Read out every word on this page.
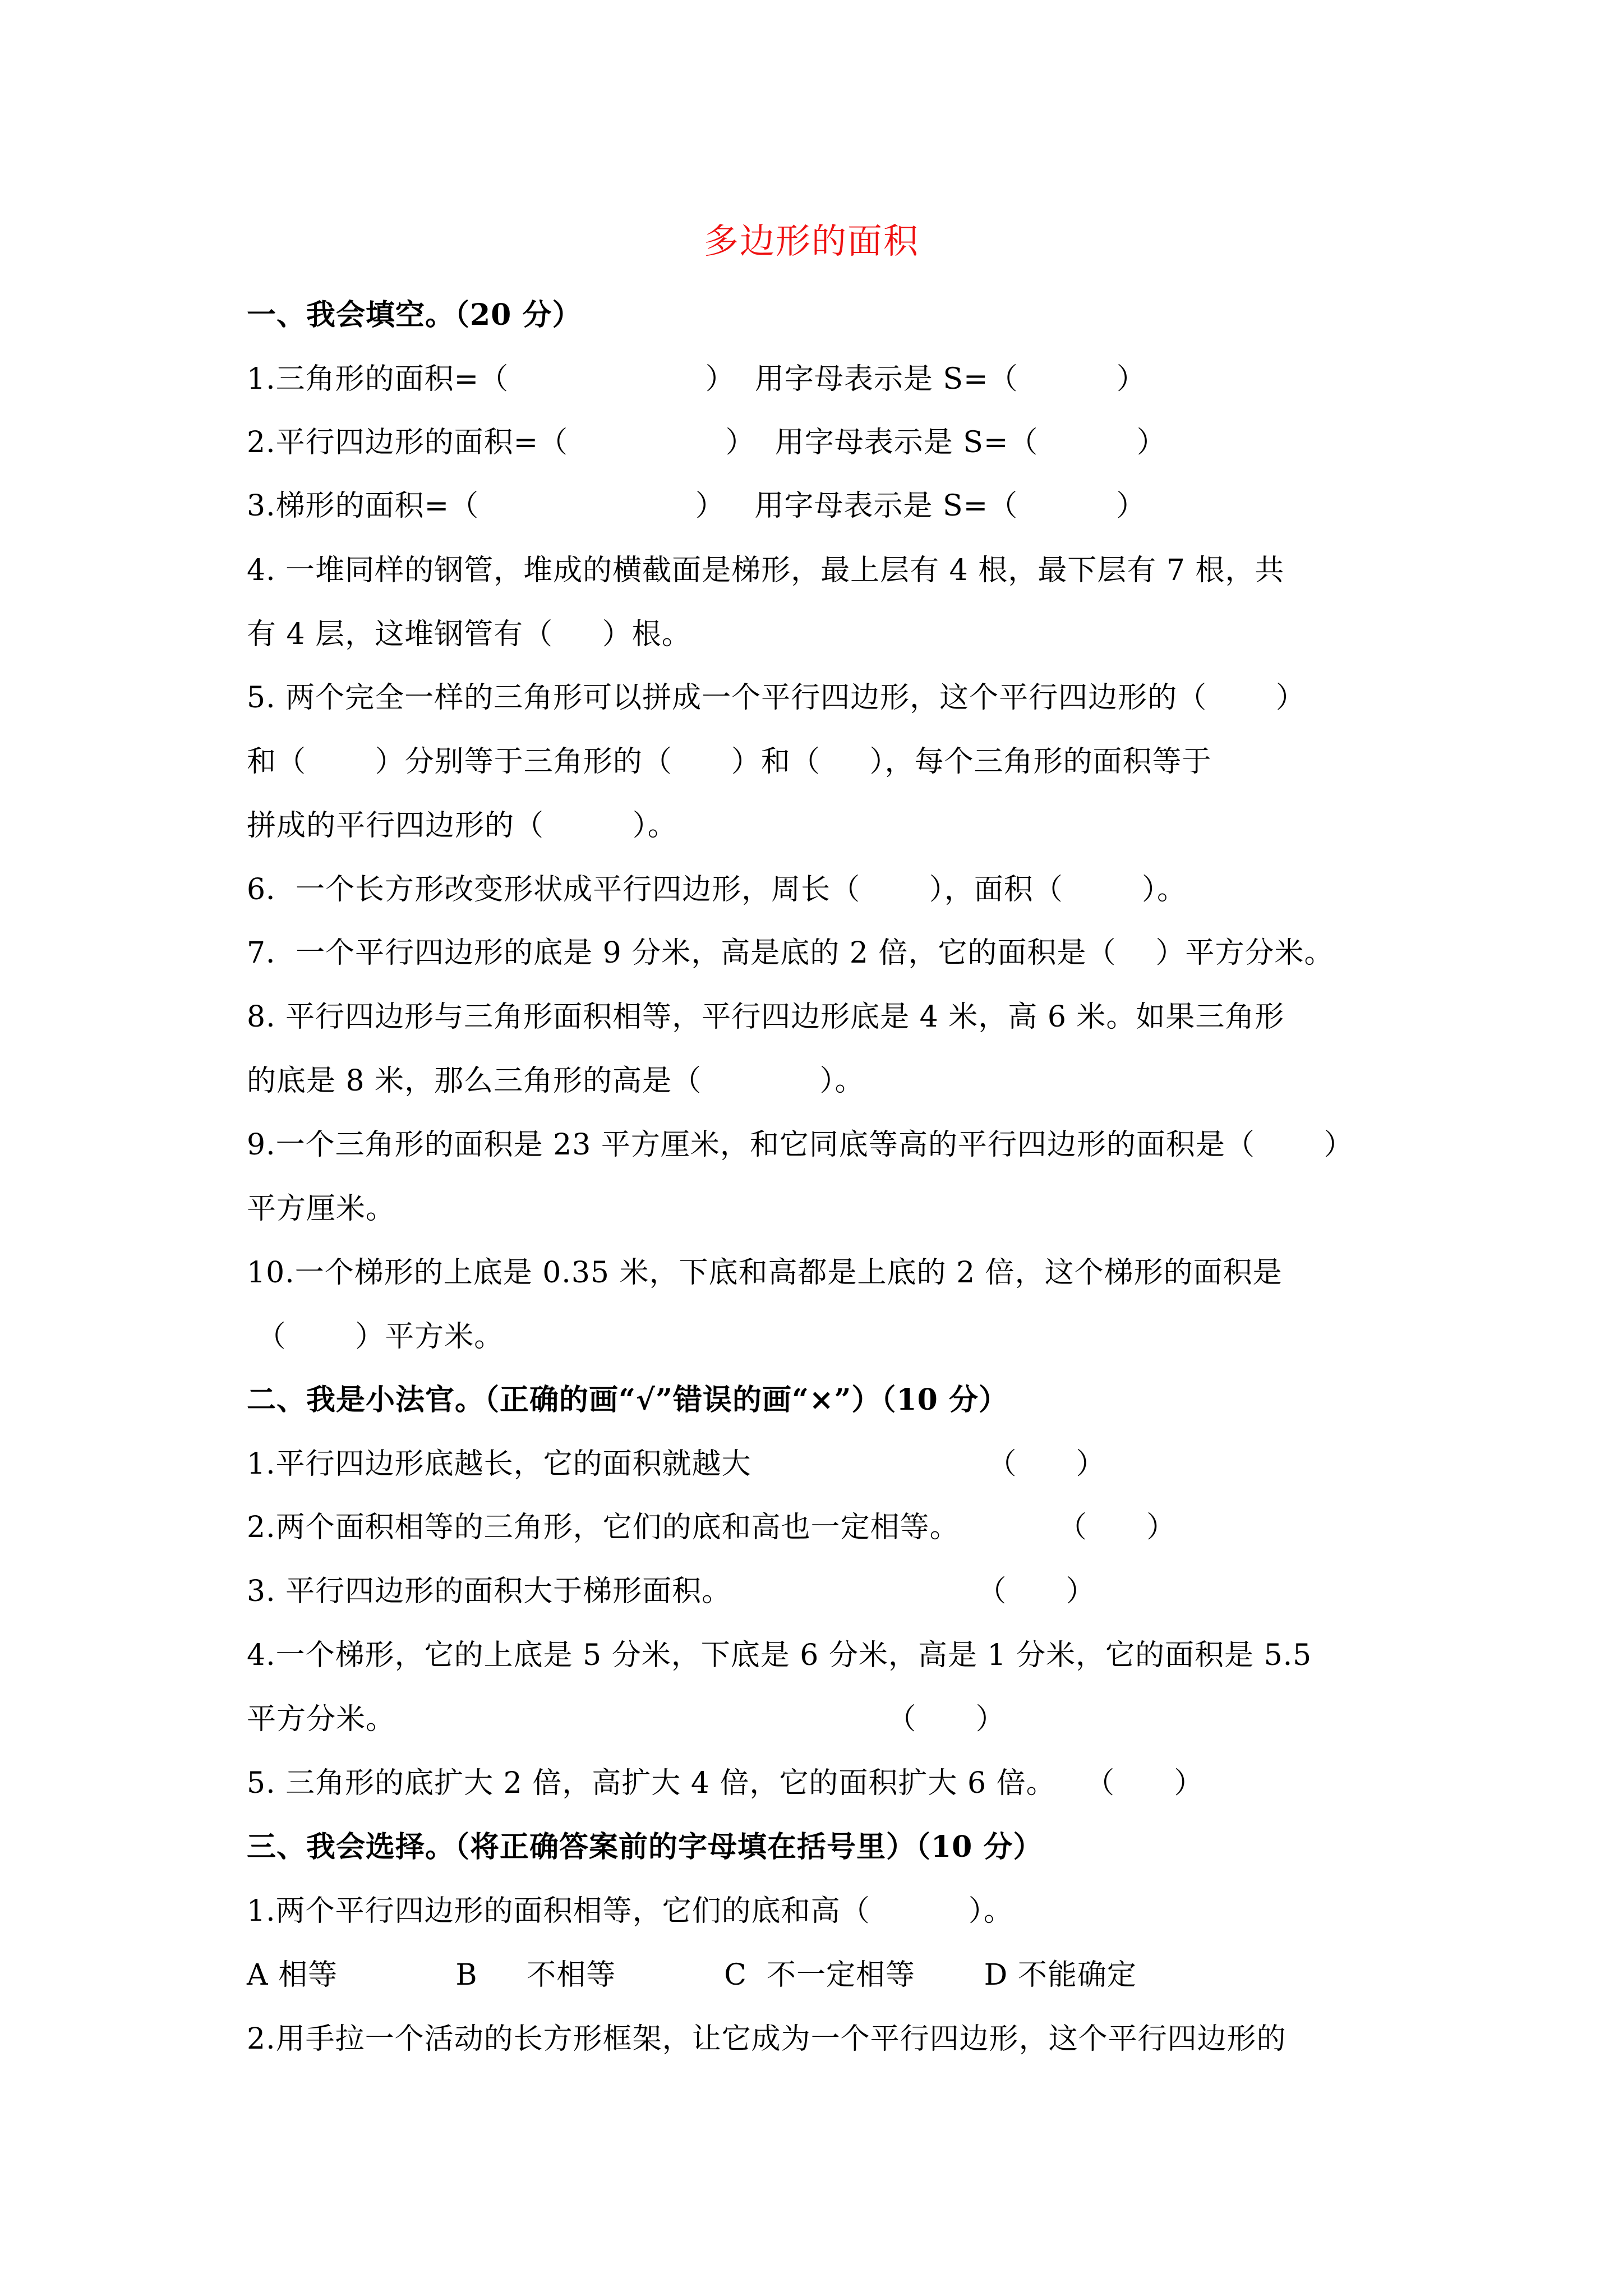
多边形的面积
一、我会填空。（20 分）
1.三角形的面积=（                    ）  用字母表示是 S=（          ）
2.平行四边形的面积=（                ）  用字母表示是 S=（          ）
3.梯形的面积=（                      ）   用字母表示是 S=（          ）
4. 一堆同样的钢管，堆成的横截面是梯形，最上层有 4 根，最下层有 7 根，共
有 4 层，这堆钢管有（     ）根。
5. 两个完全一样的三角形可以拼成一个平行四边形，这个平行四边形的（       ）
和（       ）分别等于三角形的（      ）和（     ），每个三角形的面积等于
拼成的平行四边形的（         ）。
6．一个长方形改变形状成平行四边形，周长（       ），面积（        ）。
7．一个平行四边形的底是 9 分米，高是底的 2 倍，它的面积是（    ）平方分米。
8. 平行四边形与三角形面积相等，平行四边形底是 4 米，高 6 米。如果三角形
的底是 8 米，那么三角形的高是（            ）。
9.一个三角形的面积是 23 平方厘米，和它同底等高的平行四边形的面积是（       ）
平方厘米。
10.一个梯形的上底是 0.35 米，下底和高都是上底的 2 倍，这个梯形的面积是
（       ）平方米。
二、我是小法官。（正确的画“√”错误的画“×”）（10 分）
1.平行四边形底越长，它的面积就越大                        （      ）
2.两个面积相等的三角形，它们的底和高也一定相等。          （      ）
3. 平行四边形的面积大于梯形面积。                         （      ）
4.一个梯形，它的上底是 5 分米，下底是 6 分米，高是 1 分米，它的面积是 5.5
平方分米。                                                  （      ）
5. 三角形的底扩大 2 倍，高扩大 4 倍，它的面积扩大 6 倍。   （      ）
三、我会选择。（将正确答案前的字母填在括号里）（10 分）
1.两个平行四边形的面积相等，它们的底和高（          ）。
A 相等            B     不相等           C  不一定相等       D 不能确定
2.用手拉一个活动的长方形框架，让它成为一个平行四边形，这个平行四边形的
